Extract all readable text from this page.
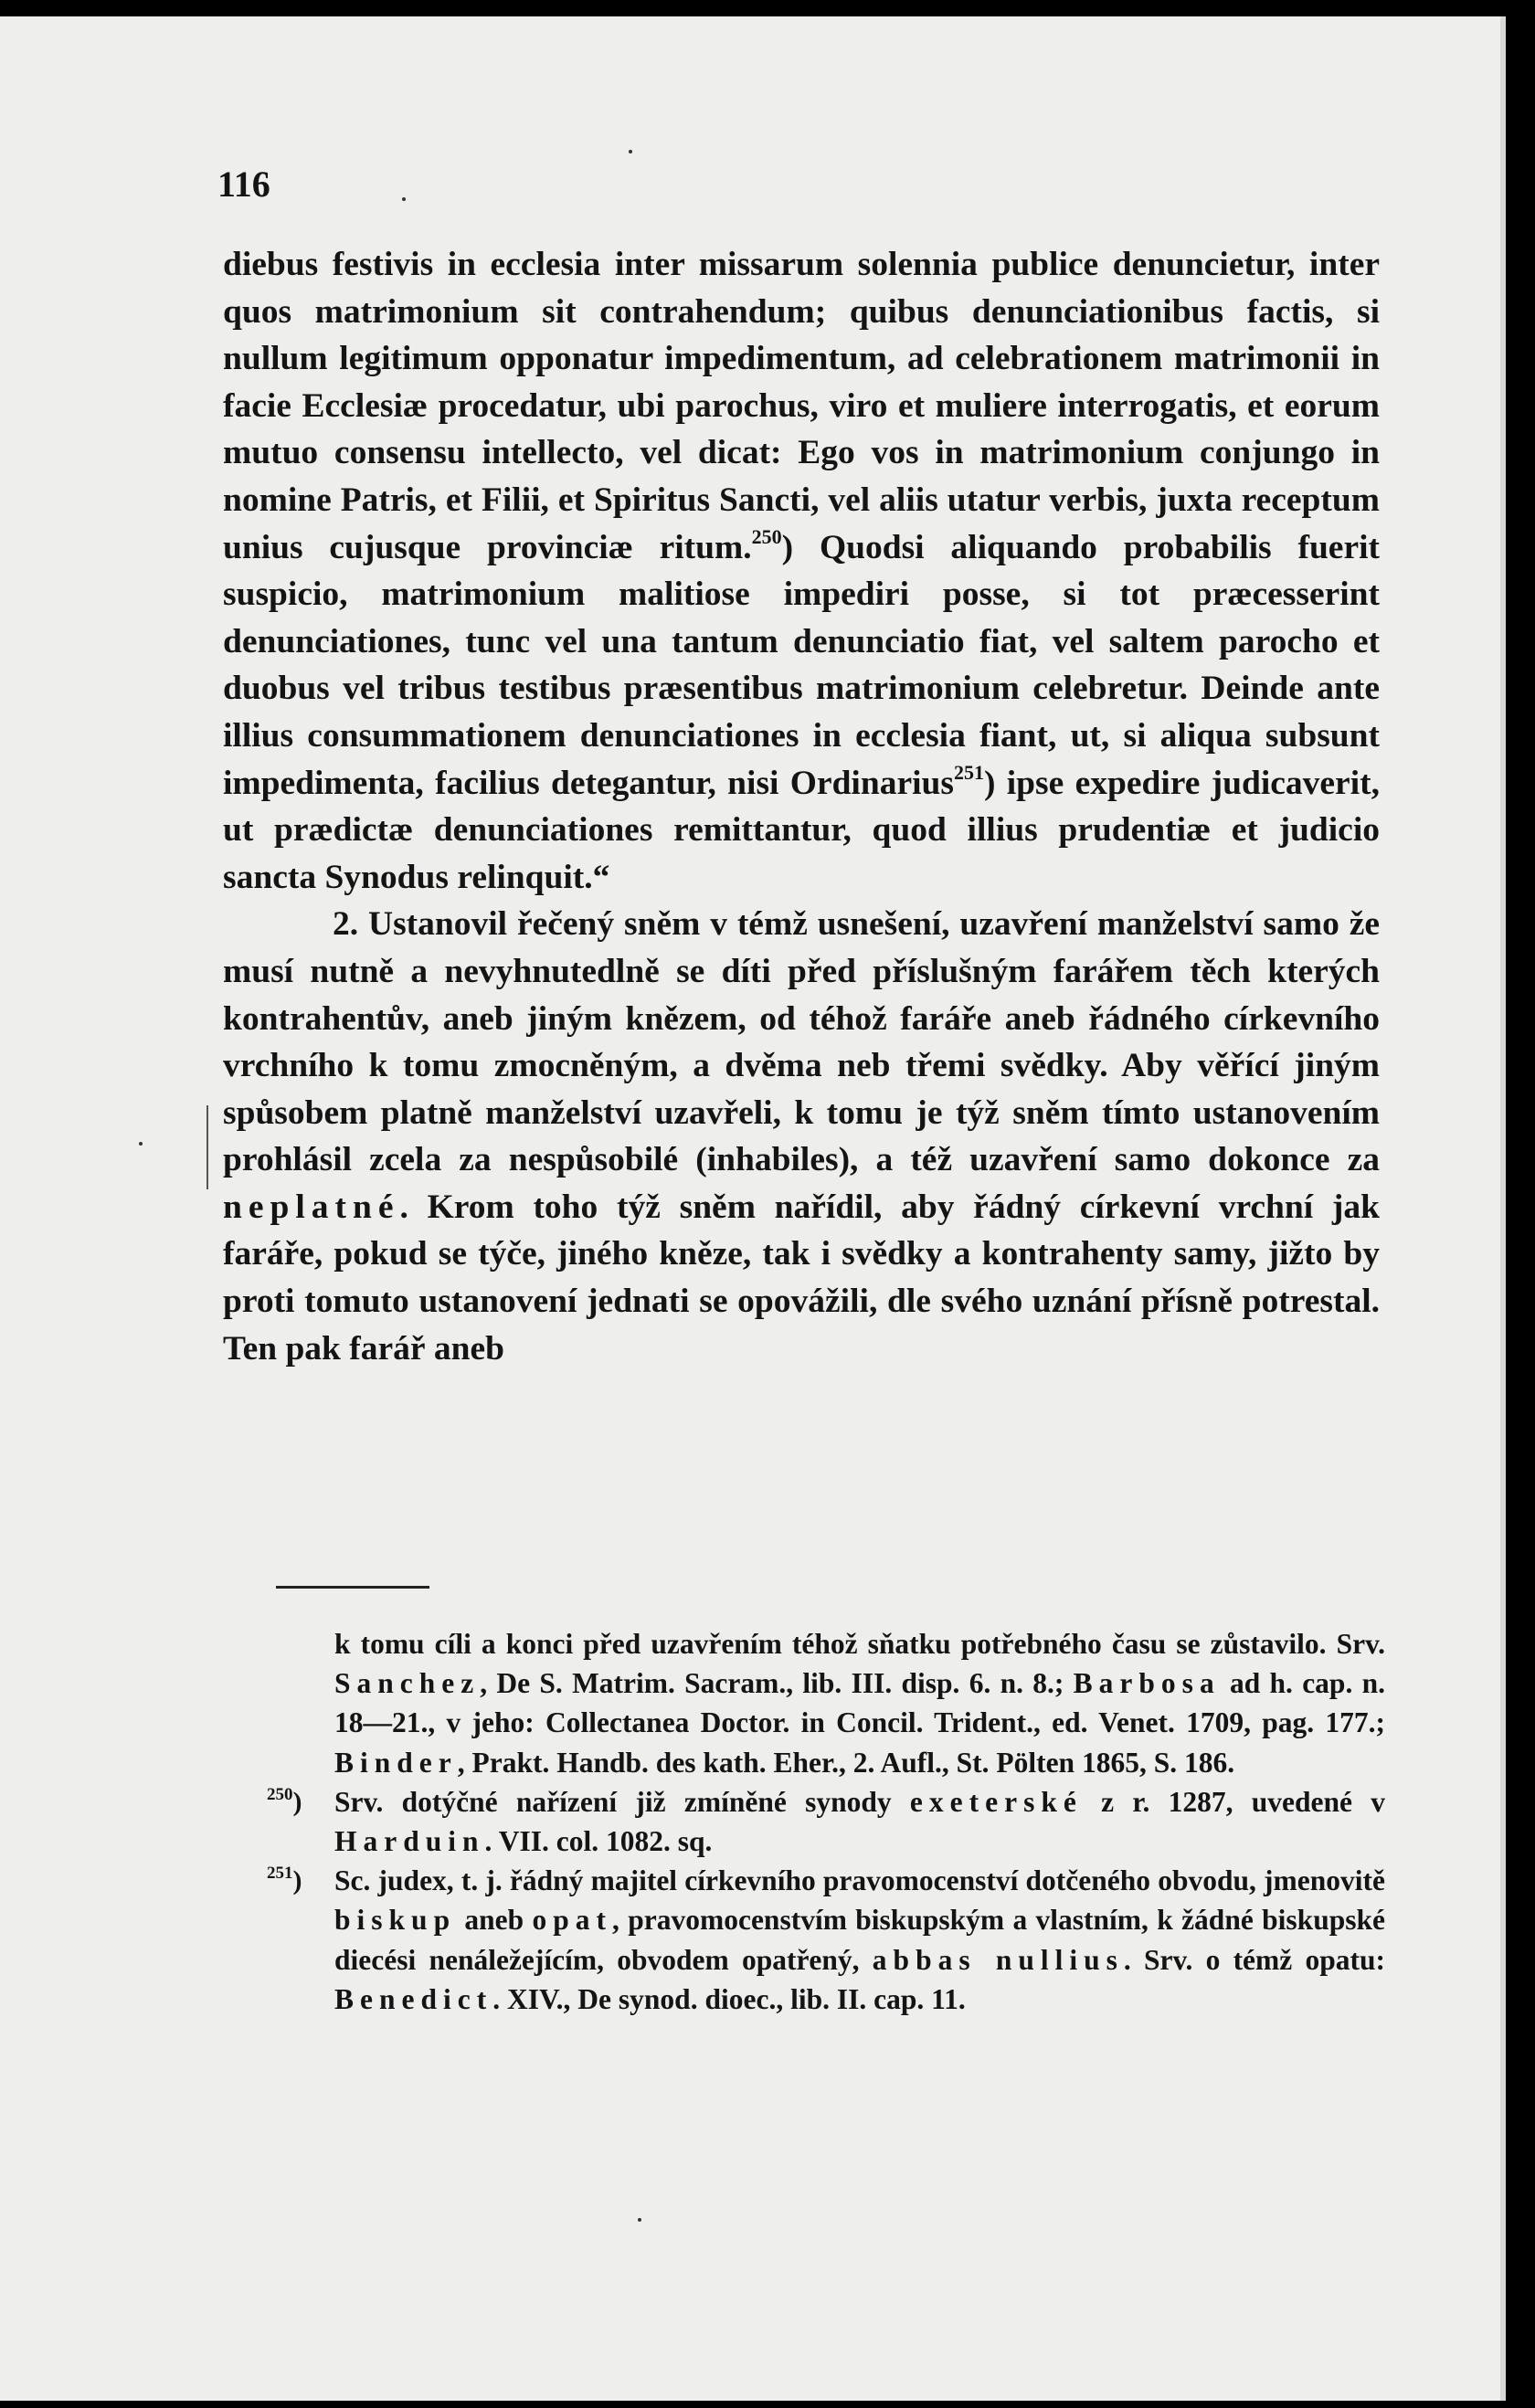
116

diebus festivis in ecclesia inter missarum solennia publice denuncietur, inter quos matrimonium sit contrahendum; quibus denunciationibus factis, si nullum legitimum opponatur impedimentum, ad celebrationem matrimonii in facie Ecclesiæ procedatur, ubi parochus, viro et muliere interrogatis, et eorum mutuo consensu intellecto, vel dicat: Ego vos in matrimonium conjungo in nomine Patris, et Filii, et Spiritus Sancti, vel aliis utatur verbis, juxta receptum unius cujusque provinciæ ritum.$^{250}$) Quodsi aliquando probabilis fuerit suspicio, matrimonium malitiose impediri posse, si tot præcesserint denunciationes, tunc vel una tantum denunciatio fiat, vel saltem parocho et duobus vel tribus testibus præsentibus matrimonium celebretur. Deinde ante illius consummationem denunciationes in ecclesia fiant, ut, si aliqua subsunt impedimenta, facilius detegantur, nisi Ordinarius$^{251}$) ipse expedire judicaverit, ut prædictæ denunciationes remittantur, quod illius prudentiæ et judicio sancta Synodus relinquit.“

2. Ustanovil řečený sněm v témž usnešení, uzavření manželství samo že musí nutně a nevyhnutedlně se díti před příslušným farářem těch kterých kontrahentův, aneb jiným knězem, od téhož faráře aneb řádného církevního vrchního k tomu zmocněným, a dvěma neb třemi svědky. Aby věřící jiným spůsobem platně manželství uzavřeli, k tomu je týž sněm tímto ustanovením prohlásil zcela za nespůsobilé (inhabiles), a též uzavření samo dokonce za neplatné. Krom toho týž sněm nařídil, aby řádný církevní vrchní jak faráře, pokud se týče, jiného kněze, tak i svědky a kontrahenty samy, jižto by proti tomuto ustanovení jednati se opovážili, dle svého uznání přísně potrestal. Ten pak farář aneb

k tomu cíli a konci před uzavřením téhož sňatku potřebného času se zůstavilo. Srv. Sanchez, De S. Matrim. Sacram., lib. III. disp. 6. n. 8.; Barbosa ad h. cap. n. 18—21., v jeho: Collectanea Doctor. in Concil. Trident., ed. Venet. 1709, pag. 177.; Binder, Prakt. Handb. des kath. Eher., 2. Aufl., St. Pölten 1865, S. 186.

$^{250}$) Srv. dotýčné nařízení již zmíněné synody exeterské z r. 1287, uvedené v Harduin. VII. col. 1082. sq.

$^{251}$) Sc. judex, t. j. řádný majitel církevního pravomocenství dotčeného obvodu, jmenovitě biskup aneb opat, pravomocenstvím biskupským a vlastním, k žádné biskupské diecési nenáležejícím, obvodem opatřený, abbas nullius. Srv. o témž opatu: Benedict. XIV., De synod. dioec., lib. II. cap. 11.
